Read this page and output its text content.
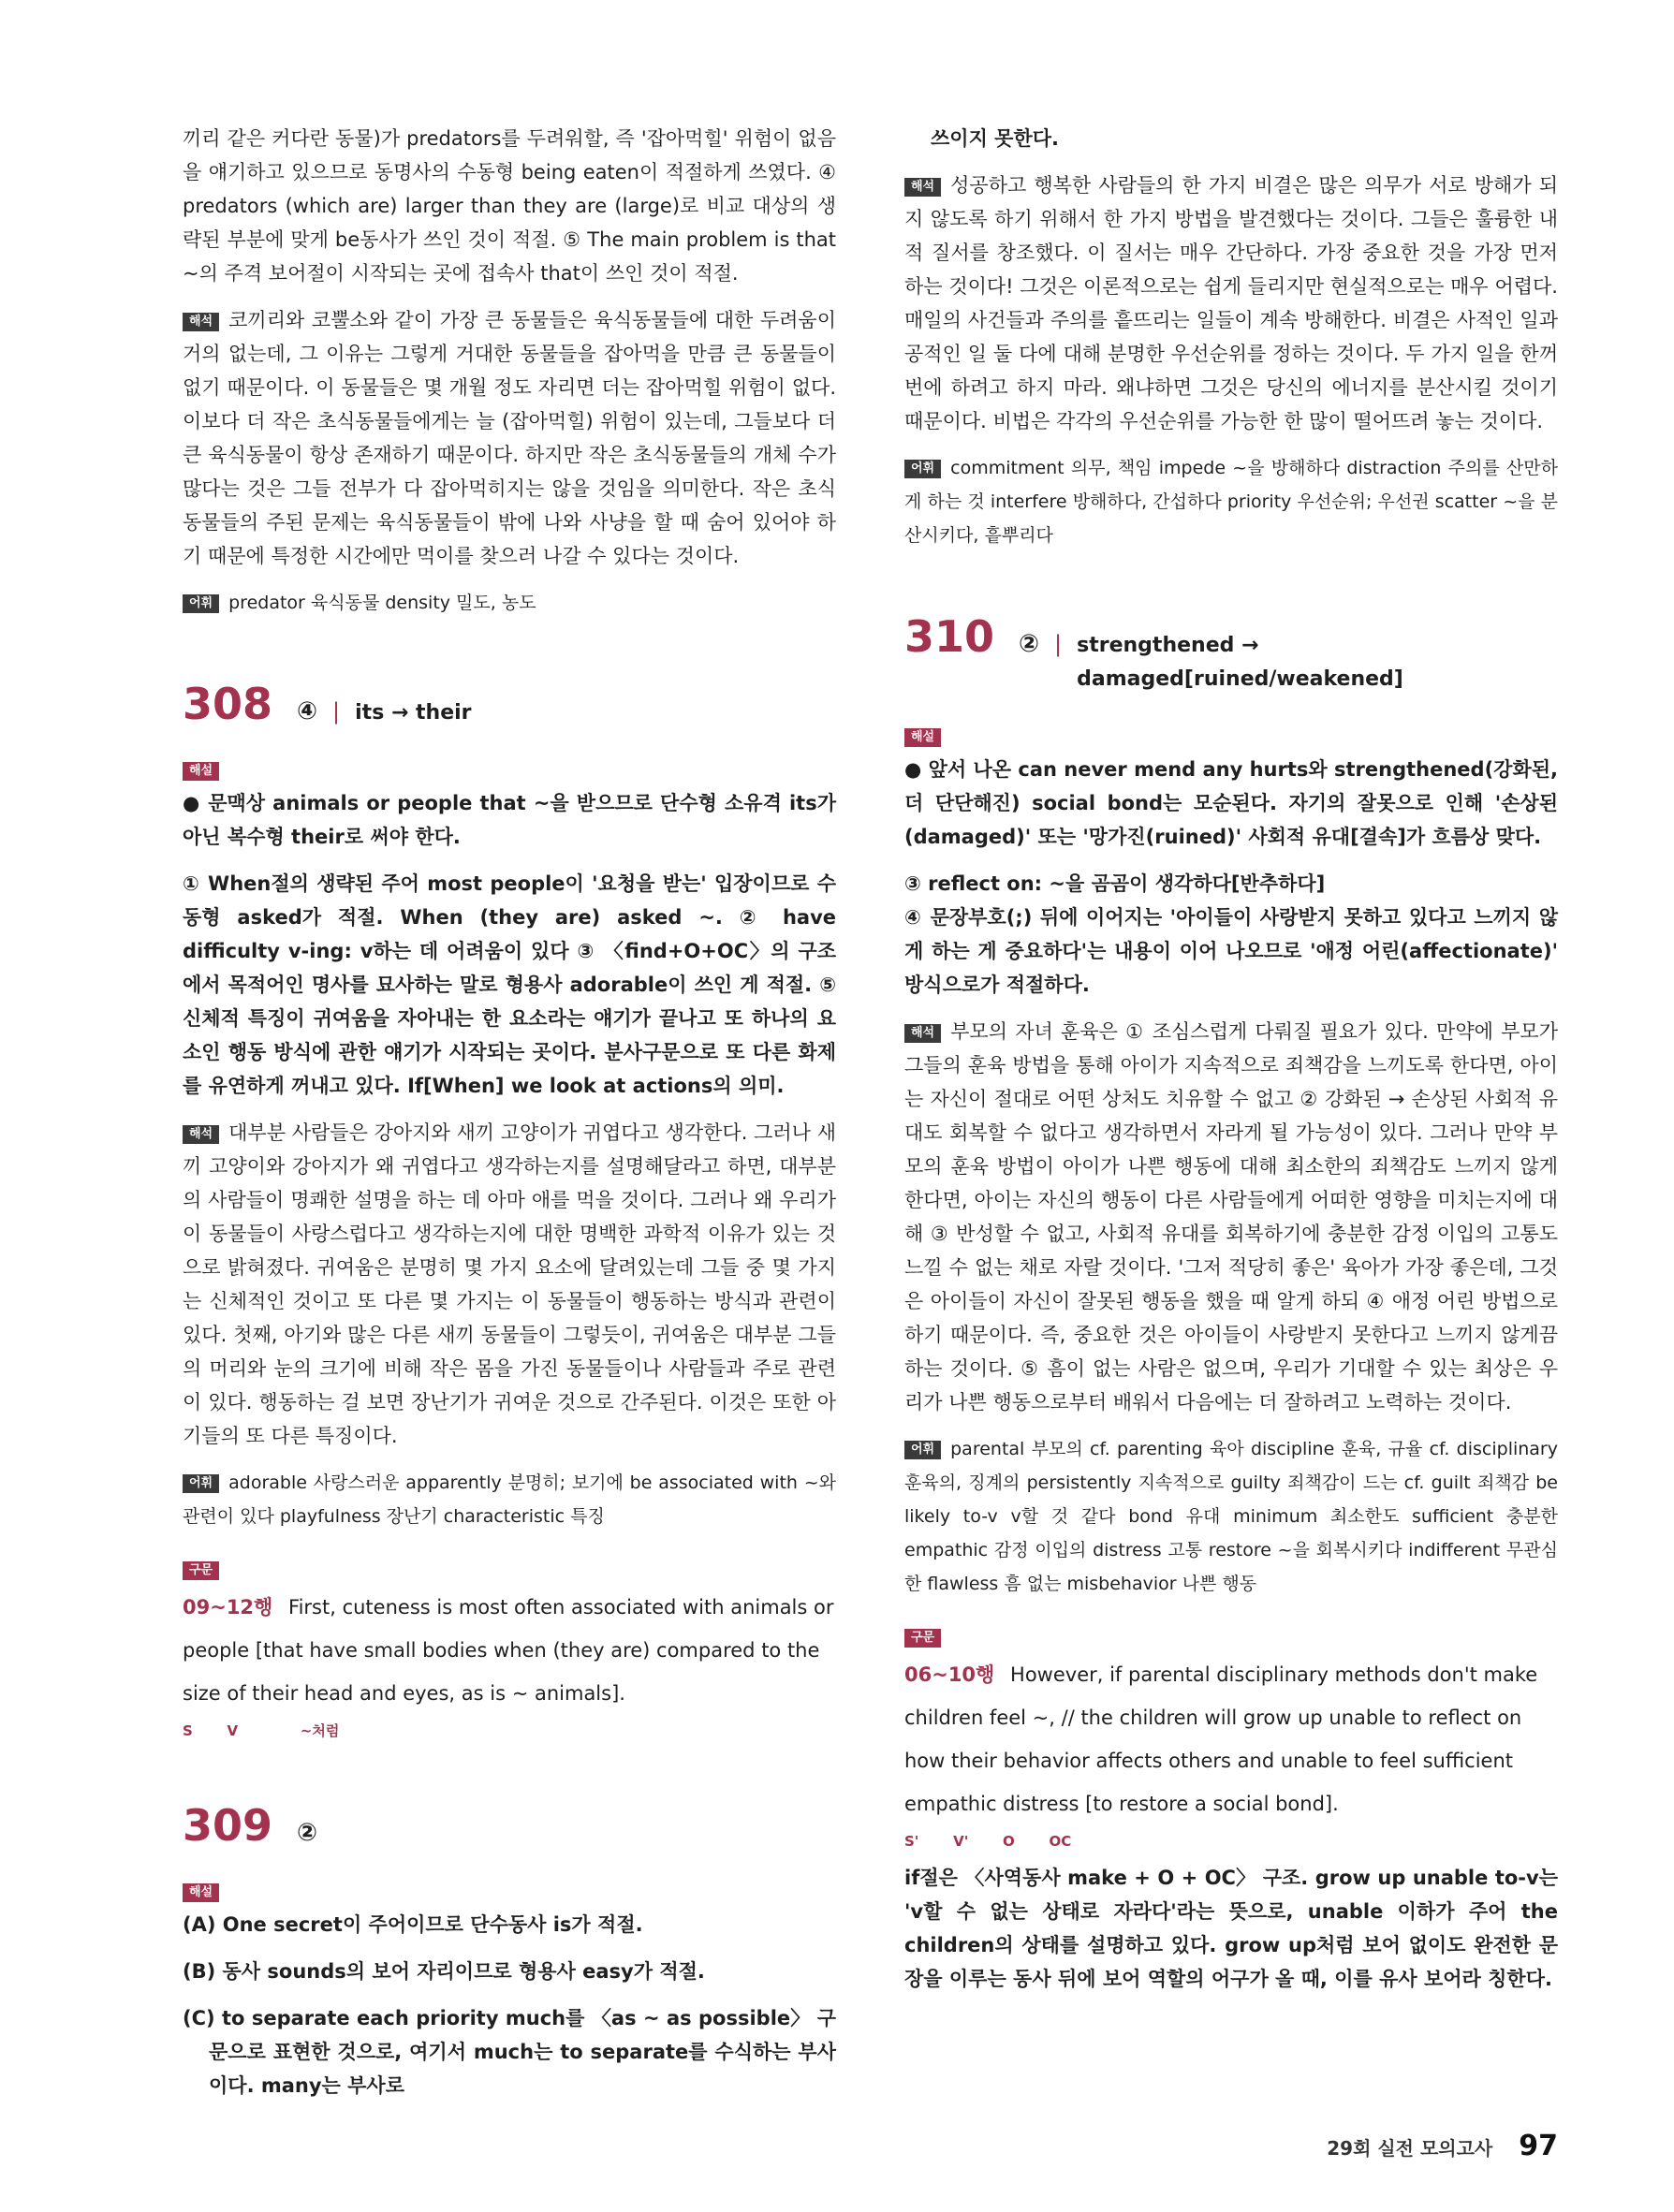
끼리 같은 커다란 동물)가 predators를 두려워할, 즉 '잡아먹힐' 위험이 없음을 얘기하고 있으므로 동명사의 수동형 being eaten이 적절하게 쓰였다. ④ predators (which are) larger than they are (large)로 비교 대상의 생략된 부분에 맞게 be동사가 쓰인 것이 적절. ⑤ The main problem is that ~의 주격 보어절이 시작되는 곳에 접속사 that이 쓰인 것이 적절.

해석 코끼리와 코뿔소와 같이 가장 큰 동물들은 육식동물들에 대한 두려움이 거의 없는데, 그 이유는 그렇게 거대한 동물들을 잡아먹을 만큼 큰 동물들이 없기 때문이다. 이 동물들은 몇 개월 정도 자리면 더는 잡아먹힐 위험이 없다. 이보다 더 작은 초식동물들에게는 늘 (잡아먹힐) 위험이 있는데, 그들보다 더 큰 육식동물이 항상 존재하기 때문이다. 하지만 작은 초식동물들의 개체 수가 많다는 것은 그들 전부가 다 잡아먹히지는 않을 것임을 의미한다. 작은 초식동물들의 주된 문제는 육식동물들이 밖에 나와 사냥을 할 때 숨어 있어야 하기 때문에 특정한 시간에만 먹이를 찾으러 나갈 수 있다는 것이다.

어휘 predator 육식동물 density 밀도, 농도

308 ④ | its → their
해설

● 문맥상 animals or people that ~을 받으므로 단수형 소유격 its가 아닌 복수형 their로 써야 한다.

① When절의 생략된 주어 most people이 '요청을 받는' 입장이므로 수동형 asked가 적절. When (they are) asked ~. ② have difficulty v-ing: v하는 데 어려움이 있다 ③ 〈find+O+OC〉의 구조에서 목적어인 명사를 묘사하는 말로 형용사 adorable이 쓰인 게 적절. ⑤ 신체적 특징이 귀여움을 자아내는 한 요소라는 얘기가 끝나고 또 하나의 요소인 행동 방식에 관한 얘기가 시작되는 곳이다. 분사구문으로 또 다른 화제를 유연하게 꺼내고 있다. If[When] we look at actions의 의미.

해석 대부분 사람들은 강아지와 새끼 고양이가 귀엽다고 생각한다. 그러나 새끼 고양이와 강아지가 왜 귀엽다고 생각하는지를 설명해달라고 하면, 대부분의 사람들이 명쾌한 설명을 하는 데 아마 애를 먹을 것이다. 그러나 왜 우리가 이 동물들이 사랑스럽다고 생각하는지에 대한 명백한 과학적 이유가 있는 것으로 밝혀졌다. 귀여움은 분명히 몇 가지 요소에 달려있는데 그들 중 몇 가지는 신체적인 것이고 또 다른 몇 가지는 이 동물들이 행동하는 방식과 관련이 있다. 첫째, 아기와 많은 다른 새끼 동물들이 그렇듯이, 귀여움은 대부분 그들의 머리와 눈의 크기에 비해 작은 몸을 가진 동물들이나 사람들과 주로 관련이 있다. 행동하는 걸 보면 장난기가 귀여운 것으로 간주된다. 이것은 또한 아기들의 또 다른 특징이다.

어휘 adorable 사랑스러운 apparently 분명히; 보기에 be associated with ~와 관련이 있다 playfulness 장난기 characteristic 특징

구문

09~12행 First, cuteness is most often associated with animals or people [that have small bodies when (they are) compared to the size of their head and eyes, as is ~ animals].

S V	~처럼

309 ②
해설

(A) One secret이 주어이므로 단수동사 is가 적절.

(B) 동사 sounds의 보어 자리이므로 형용사 easy가 적절.

(C) to separate each priority much를 〈as ~ as possible〉 구문으로 표현한 것으로, 여기서 much는 to separate를 수식하는 부사이다. many는 부사로

쓰이지 못한다.

해석 성공하고 행복한 사람들의 한 가지 비결은 많은 의무가 서로 방해가 되지 않도록 하기 위해서 한 가지 방법을 발견했다는 것이다. 그들은 훌륭한 내적 질서를 창조했다. 이 질서는 매우 간단하다. 가장 중요한 것을 가장 먼저 하는 것이다! 그것은 이론적으로는 쉽게 들리지만 현실적으로는 매우 어렵다. 매일의 사건들과 주의를 흩뜨리는 일들이 계속 방해한다. 비결은 사적인 일과 공적인 일 둘 다에 대해 분명한 우선순위를 정하는 것이다. 두 가지 일을 한꺼번에 하려고 하지 마라. 왜냐하면 그것은 당신의 에너지를 분산시킬 것이기 때문이다. 비법은 각각의 우선순위를 가능한 한 많이 떨어뜨려 놓는 것이다.

어휘 commitment 의무, 책임 impede ~을 방해하다 distraction 주의를 산만하게 하는 것 interfere 방해하다, 간섭하다 priority 우선순위; 우선권 scatter ~을 분산시키다, 흩뿌리다

310 ② | strengthened → damaged[ruined/weakened]
해설

● 앞서 나온 can never mend any hurts와 strengthened(강화된, 더 단단해진) social bond는 모순된다. 자기의 잘못으로 인해 '손상된(damaged)' 또는 '망가진(ruined)' 사회적 유대[결속]가 흐름상 맞다.

③ reflect on: ~을 곰곰이 생각하다[반추하다]

④ 문장부호(;) 뒤에 이어지는 '아이들이 사랑받지 못하고 있다고 느끼지 않게 하는 게 중요하다'는 내용이 이어 나오므로 '애정 어린(affectionate)' 방식으로가 적절하다.

해석 부모의 자녀 훈육은 ① 조심스럽게 다뤄질 필요가 있다. 만약에 부모가 그들의 훈육 방법을 통해 아이가 지속적으로 죄책감을 느끼도록 한다면, 아이는 자신이 절대로 어떤 상처도 치유할 수 없고 ② 강화된 → 손상된 사회적 유대도 회복할 수 없다고 생각하면서 자라게 될 가능성이 있다. 그러나 만약 부모의 훈육 방법이 아이가 나쁜 행동에 대해 최소한의 죄책감도 느끼지 않게 한다면, 아이는 자신의 행동이 다른 사람들에게 어떠한 영향을 미치는지에 대해 ③ 반성할 수 없고, 사회적 유대를 회복하기에 충분한 감정 이입의 고통도 느낄 수 없는 채로 자랄 것이다. '그저 적당히 좋은' 육아가 가장 좋은데, 그것은 아이들이 자신이 잘못된 행동을 했을 때 알게 하되 ④ 애정 어린 방법으로 하기 때문이다. 즉, 중요한 것은 아이들이 사랑받지 못한다고 느끼지 않게끔 하는 것이다. ⑤ 흠이 없는 사람은 없으며, 우리가 기대할 수 있는 최상은 우리가 나쁜 행동으로부터 배워서 다음에는 더 잘하려고 노력하는 것이다.

어휘 parental 부모의 cf. parenting 육아 discipline 훈육, 규율 cf. disciplinary 훈육의, 징계의 persistently 지속적으로 guilty 죄책감이 드는 cf. guilt 죄책감 be likely to-v v할 것 같다 bond 유대 minimum 최소한도 sufficient 충분한 empathic 감정 이입의 distress 고통 restore ~을 회복시키다 indifferent 무관심한 flawless 흠 없는 misbehavior 나쁜 행동

구문

06~10행 However, if parental disciplinary methods don't make children feel ~, // the children will grow up unable to reflect on how their behavior affects others and unable to feel sufficient empathic distress [to restore a social bond].

S' V' O OC

if절은 〈사역동사 make + O + OC〉 구조. grow up unable to-v는 'v할 수 없는 상태로 자라다'라는 뜻으로, unable 이하가 주어 the children의 상태를 설명하고 있다. grow up처럼 보어 없이도 완전한 문장을 이루는 동사 뒤에 보어 역할의 어구가 올 때, 이를 유사 보어라 칭한다.

29회 실전 모의고사 97
